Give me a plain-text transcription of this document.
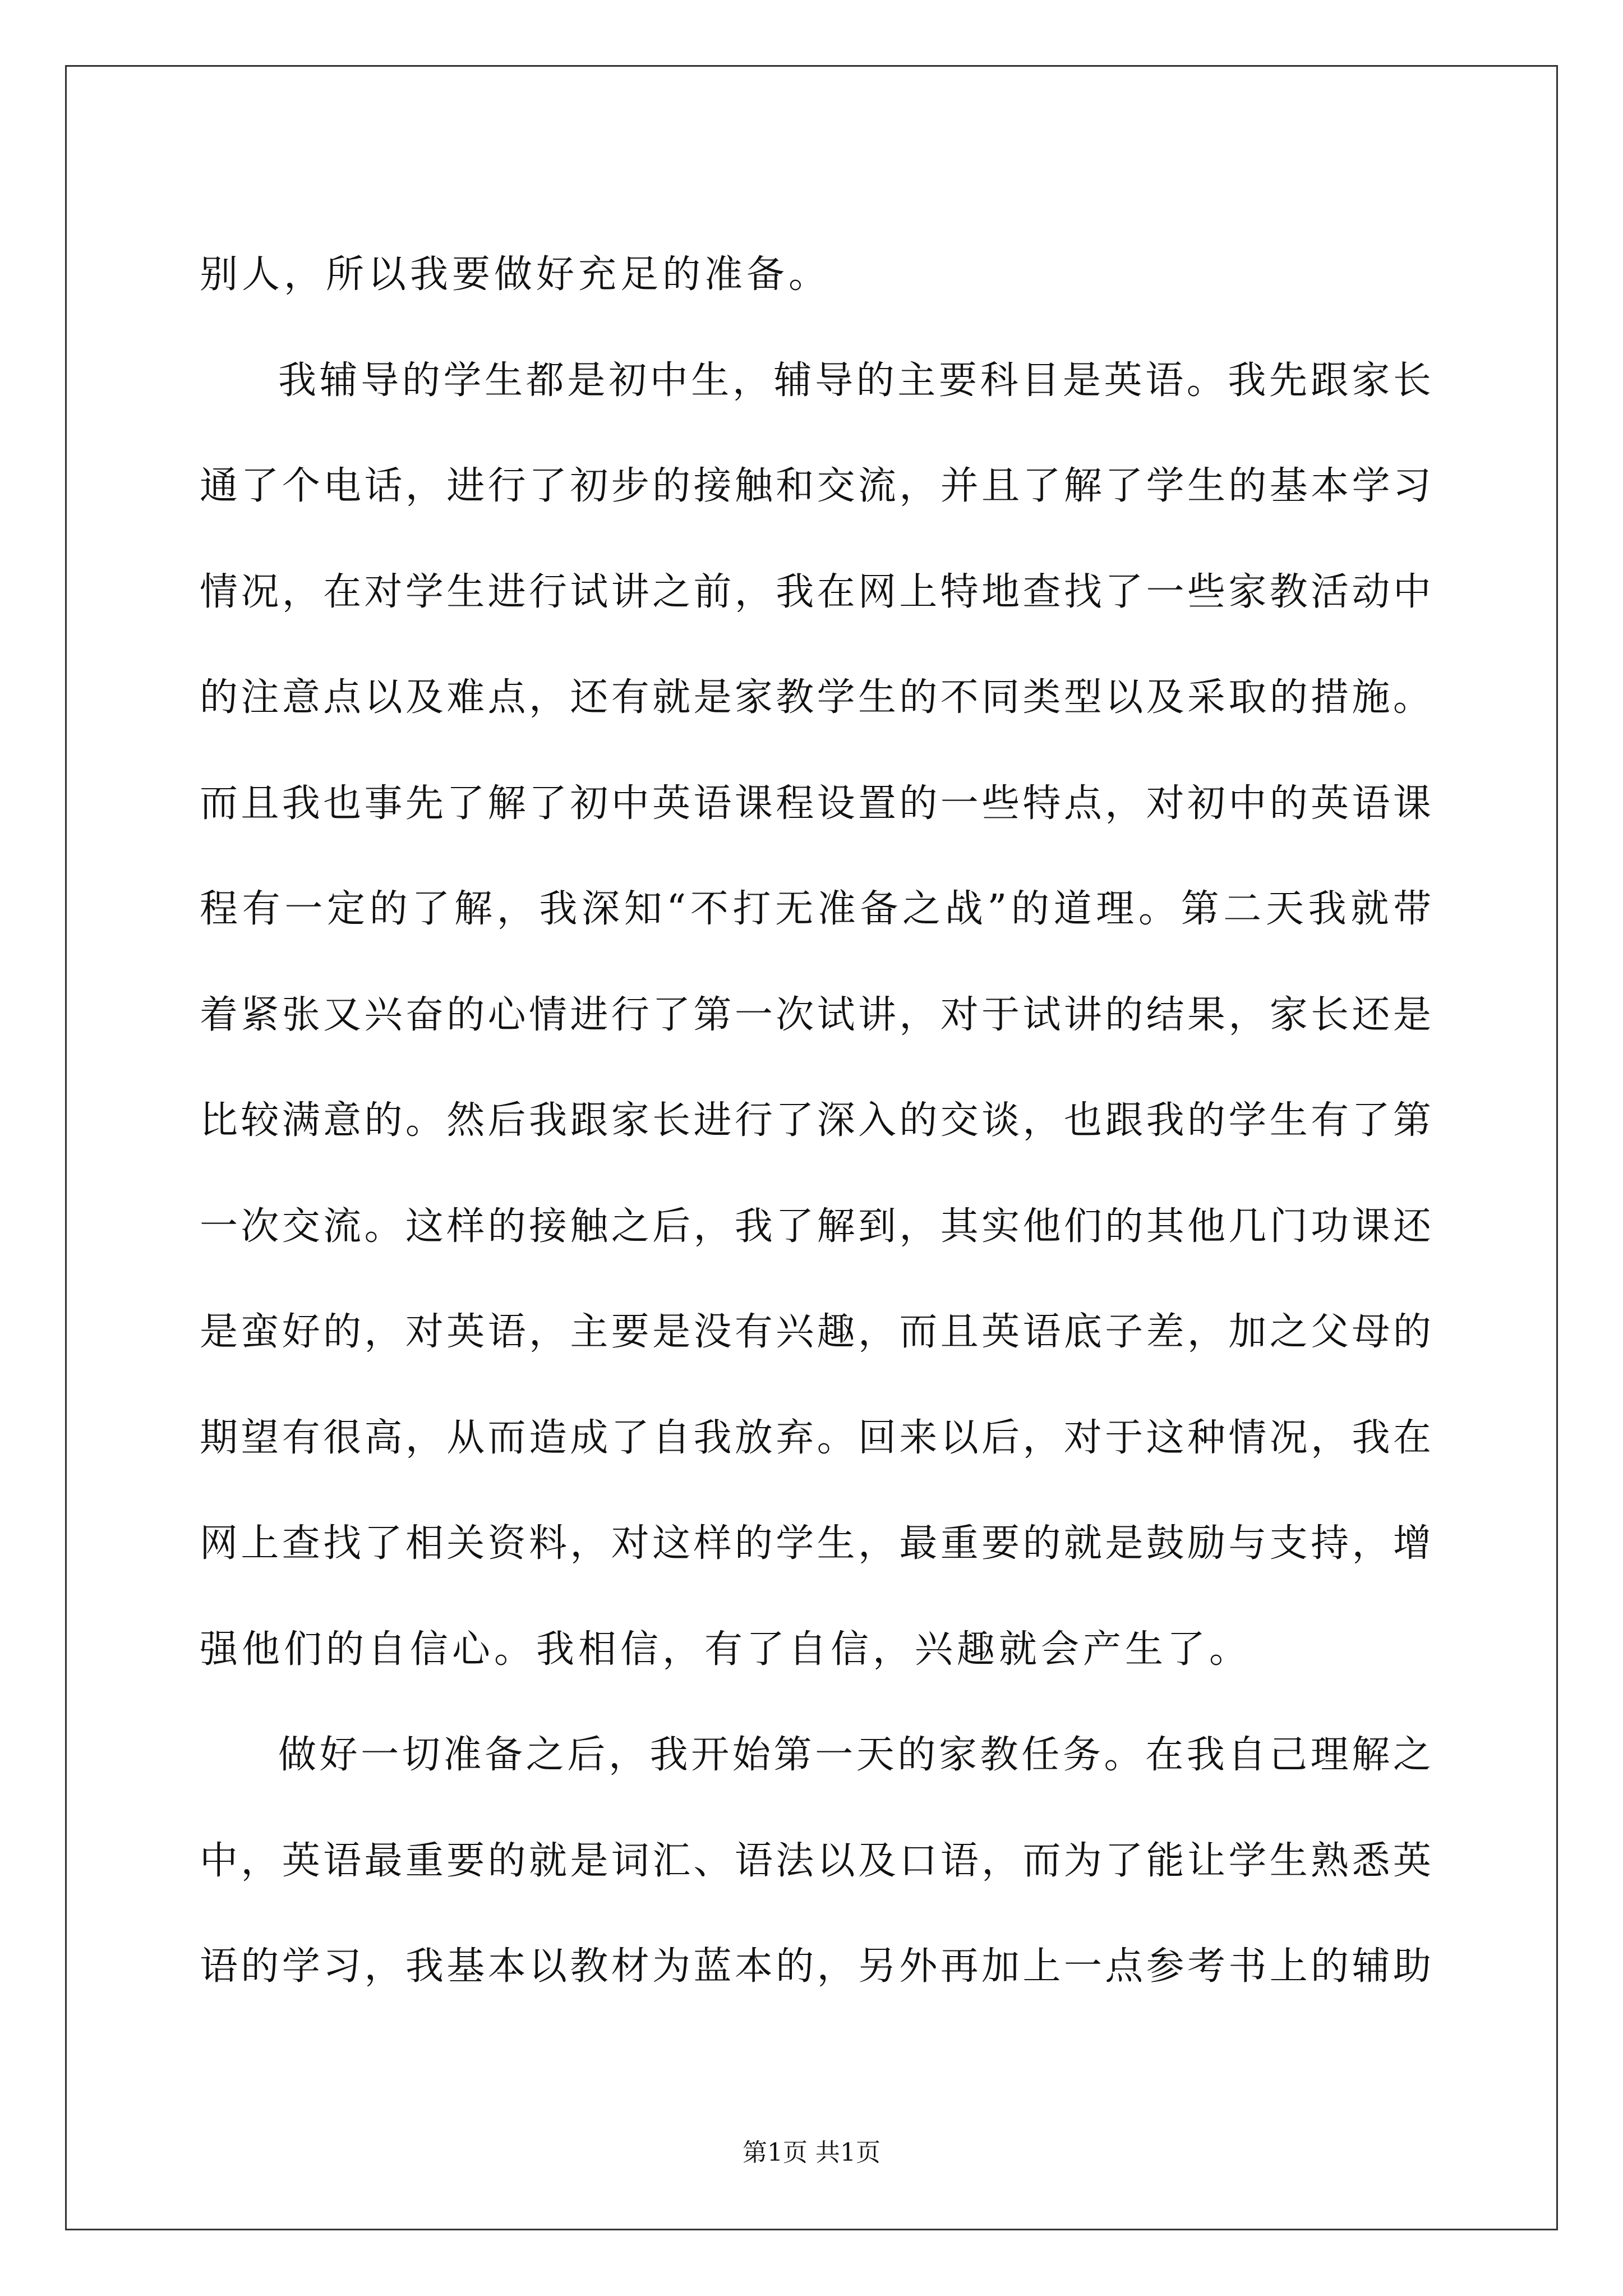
别人，所以我要做好充足的准备。
我 辅 导 的 学 生 都 是 初 中 生 ， 辅 导 的 主 要 科 目 是 英 语 。 我 先 跟 家 长
通 了 个 电 话 ， 进 行 了 初 步 的 接 触 和 交 流 ， 并 且 了 解 了 学 生 的 基 本 学 习
情 况 ， 在 对 学 生 进 行 试 讲 之 前 ， 我 在 网 上 特 地 查 找 了 一 些 家 教 活 动 中
的 注 意 点 以 及 难 点 ， 还 有 就 是 家 教 学 生 的 不 同 类 型 以 及 采 取 的 措 施 。
而 且 我 也 事 先 了 解 了 初 中 英 语 课 程 设 置 的 一 些 特 点 ， 对 初 中 的 英 语 课
程 有 一 定 的 了 解 ， 我 深 知 “ 不 打 无 准 备 之 战 ” 的 道 理 。 第 二 天 我 就 带
着 紧 张 又 兴 奋 的 心 情 进 行 了 第 一 次 试 讲 ， 对 于 试 讲 的 结 果 ， 家 长 还 是
比 较 满 意 的 。 然 后 我 跟 家 长 进 行 了 深 入 的 交 谈 ， 也 跟 我 的 学 生 有 了 第
一 次 交 流 。 这 样 的 接 触 之 后 ， 我 了 解 到 ， 其 实 他 们 的 其 他 几 门 功 课 还
是 蛮 好 的 ， 对 英 语 ， 主 要 是 没 有 兴 趣 ， 而 且 英 语 底 子 差 ， 加 之 父 母 的
期 望 有 很 高 ， 从 而 造 成 了 自 我 放 弃 。 回 来 以 后 ， 对 于 这 种 情 况 ， 我 在
网 上 查 找 了 相 关 资 料 ， 对 这 样 的 学 生 ， 最 重 要 的 就 是 鼓 励 与 支 持 ， 增
强他们的自信心。我相信，有了自信，兴趣就会产生了。
做 好 一 切 准 备 之 后 ， 我 开 始 第 一 天 的 家 教 任 务 。 在 我 自 己 理 解 之
中 ， 英 语 最 重 要 的 就 是 词 汇 、 语 法 以 及 口 语 ， 而 为 了 能 让 学 生 熟 悉 英
语 的 学 习 ， 我 基 本 以 教 材 为 蓝 本 的 ， 另 外 再 加 上 一 点 参 考 书 上 的 辅 助
第1页 共1页
